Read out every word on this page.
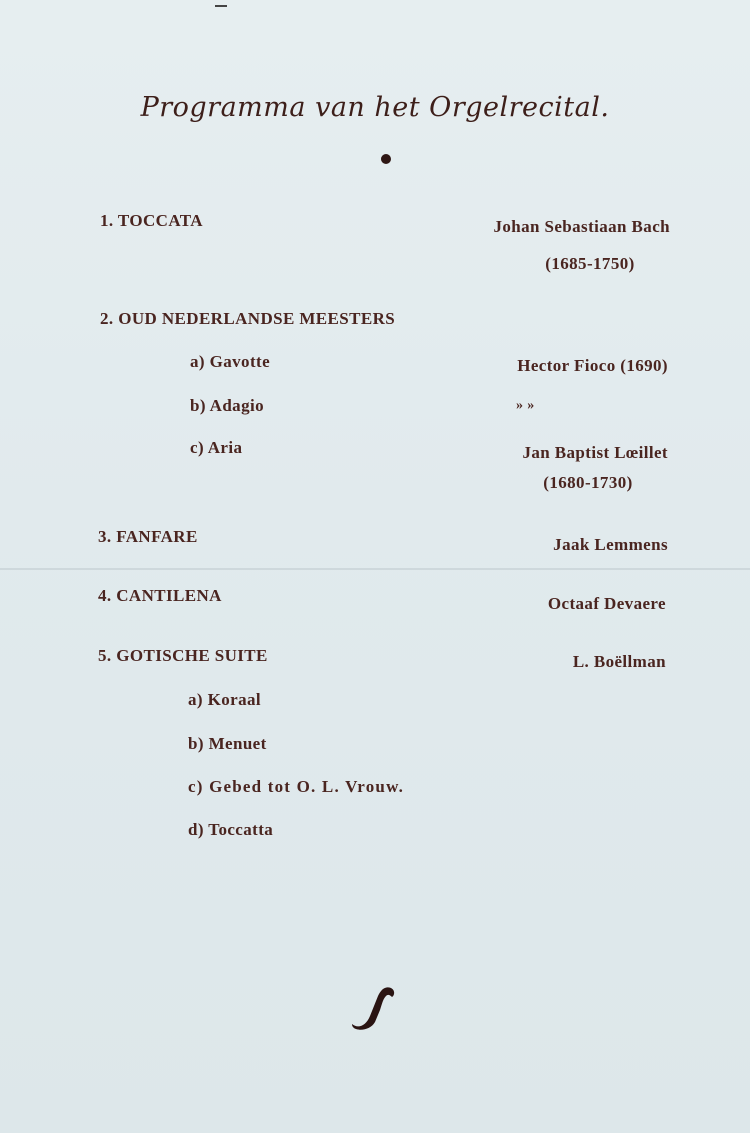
Programma van het Orgelrecital.
1. TOCCATA	Johan Sebastiaan Bach
(1685-1750)
2. OUD NEDERLANDSE MEESTERS
a) Gavotte	Hector Fioco (1690)
b) Adagio	» »
c) Aria	Jan Baptist Lœillet
(1680-1730)
3. FANFARE	Jaak Lemmens
4. CANTILENA	Octaaf Devaere
5. GOTISCHE SUITE	L. Boëllman
a) Koraal
b) Menuet
c) Gebed tot O. L. Vrouw.
d) Toccatta
